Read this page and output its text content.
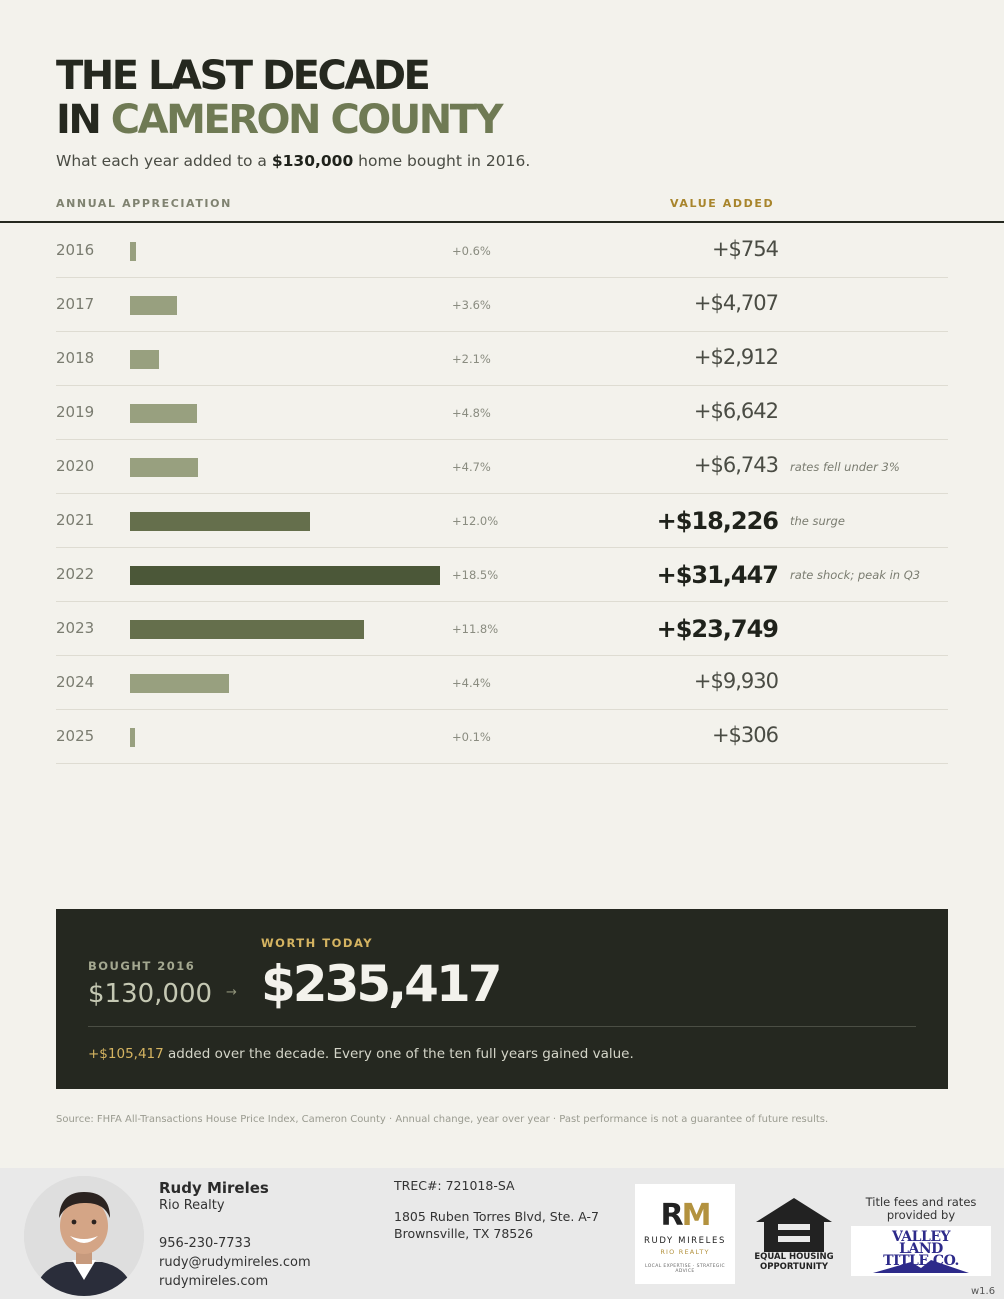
THE LAST DECADE
IN CAMERON COUNTY
What each year added to a $130,000 home bought in 2016.
ANNUAL APPRECIATION	VALUE ADDED
2016	+0.6%	+$754
2017	+3.6%	+$4,707
2018	+2.1%	+$2,912
2019	+4.8%	+$6,642
2020	+4.7%	+$6,743 rates fell under 3%
2021	+12.0%	+$18,226 the surge
2022	+18.5%	+$31,447 rate shock; peak in Q3
2023	+11.8%	+$23,749
2024	+4.4%	+$9,930
2025	+0.1%	+$306
BOUGHT 2016
$130,000 →
WORTH TODAY
$235,417
+$105,417 added over the decade. Every one of the ten full years gained value.
Source: FHFA All-Transactions House Price Index, Cameron County · Annual change, year over year · Past performance is not a guarantee of future results.
Rudy Mireles
Rio Realty
956-230-7733
rudy@rudymireles.com
rudymireles.com
TREC#: 721018-SA
1805 Ruben Torres Blvd, Ste. A-7
Brownsville, TX 78526
RM
RUDY MIRELES
RIO REALTY
LOCAL EXPERTISE · STRATEGIC ADVICE
EQUAL HOUSING
OPPORTUNITY
Title fees and rates provided by
VALLEY
LAND
TITLE CO.
w1.6
